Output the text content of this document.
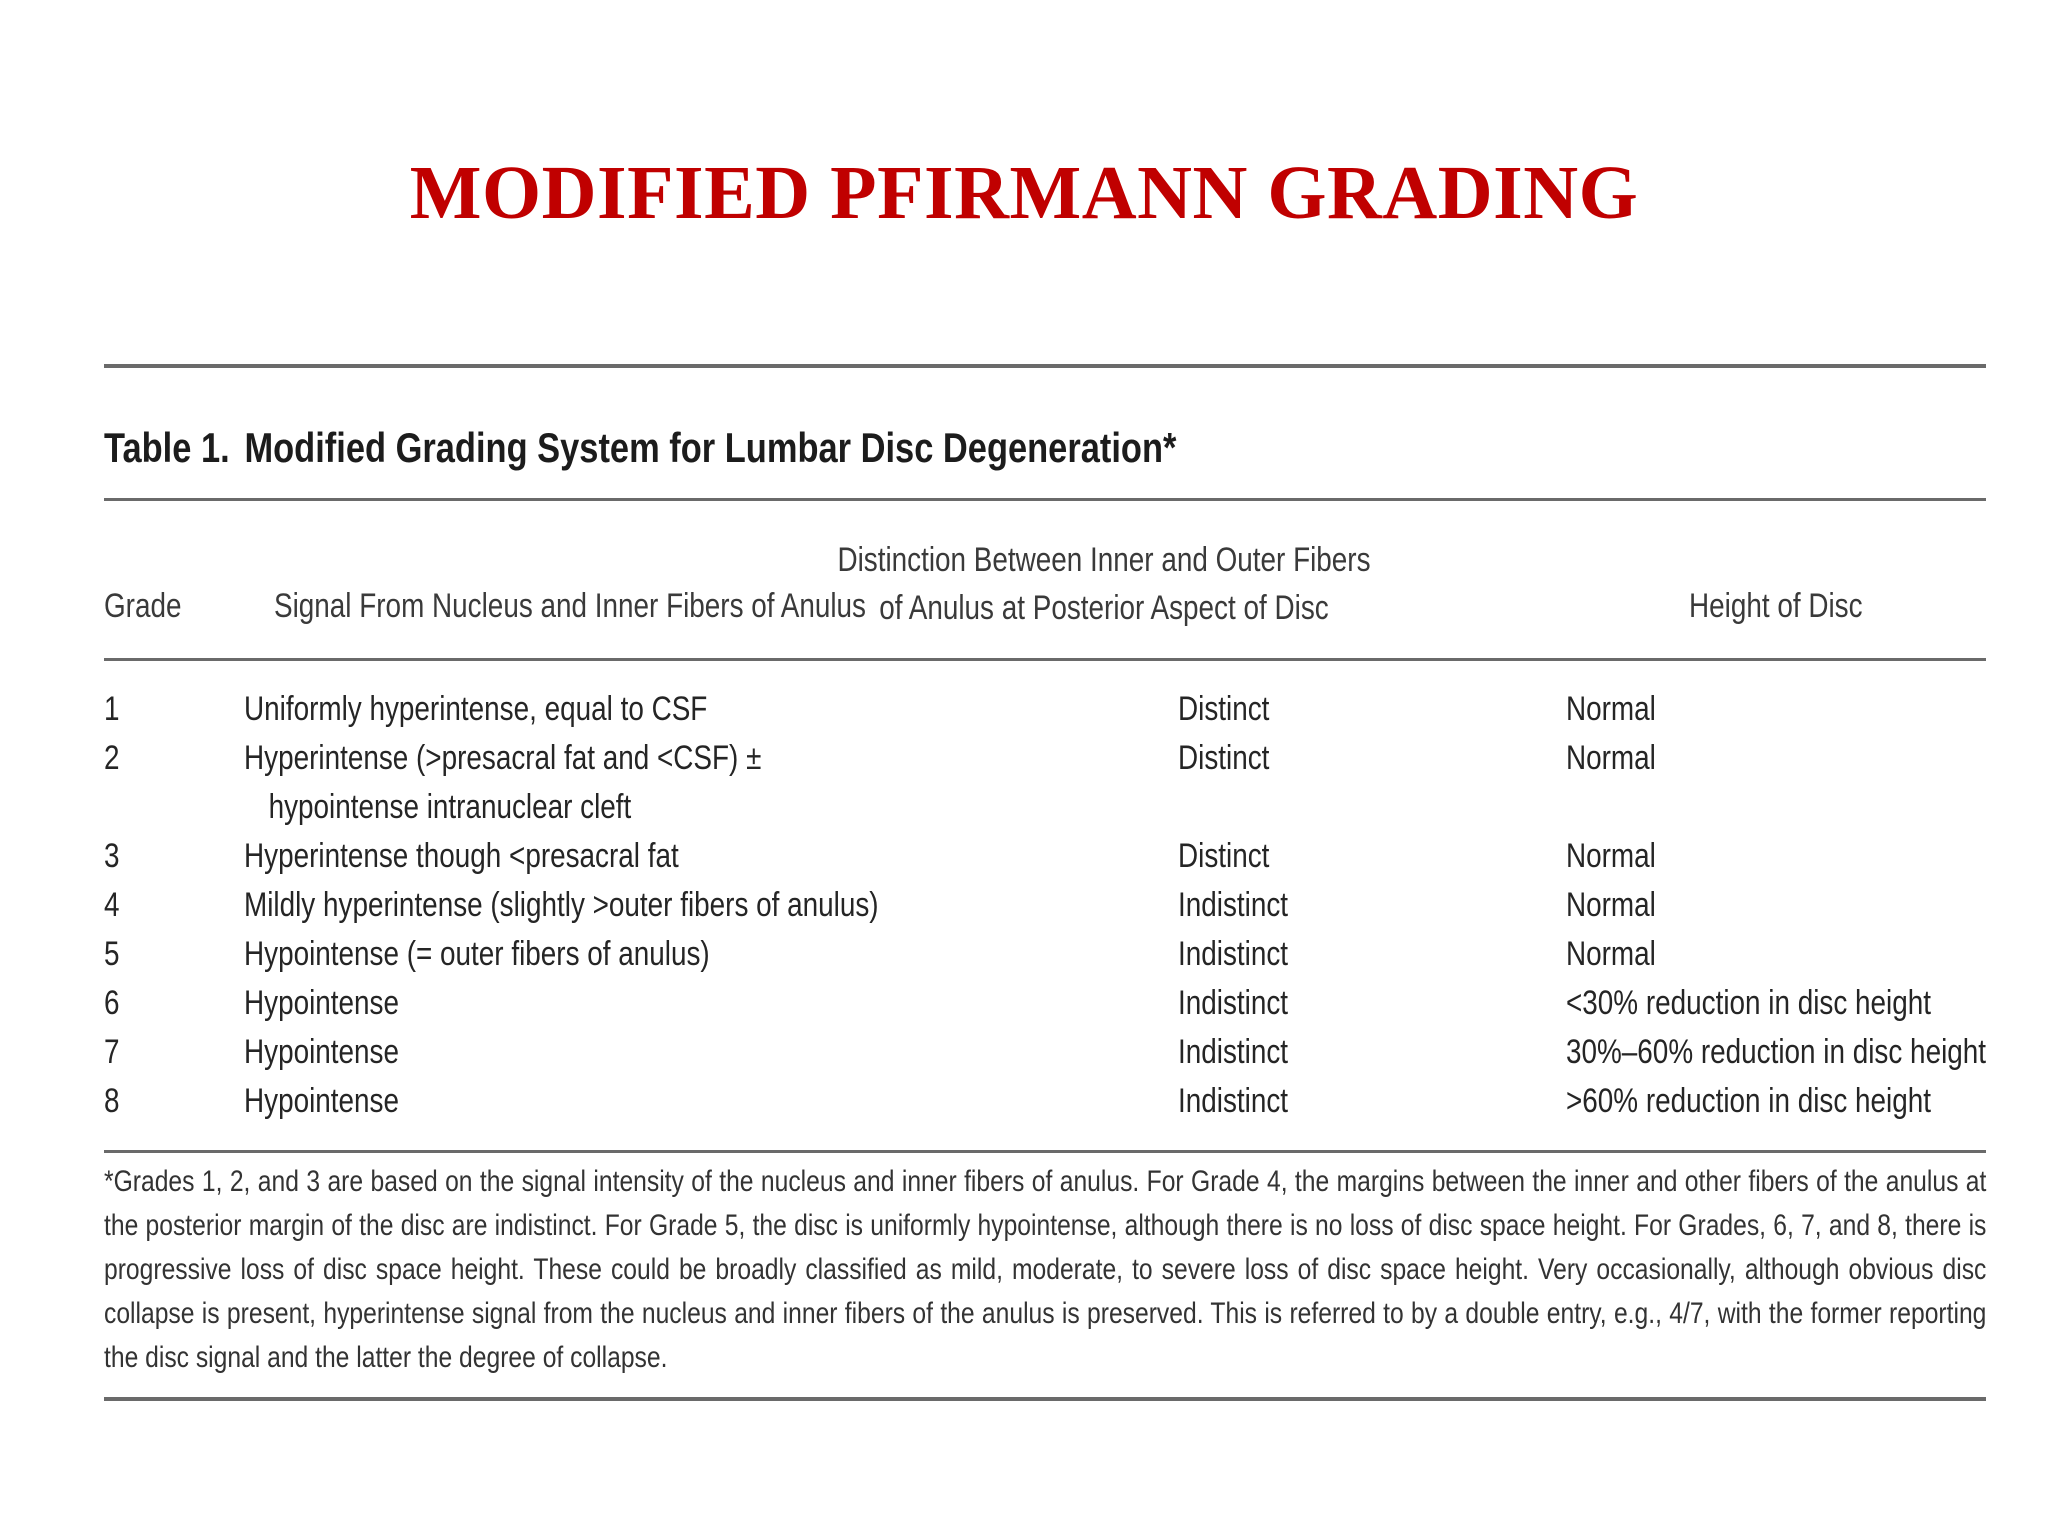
MODIFIED PFIRMANN GRADING
Table 1. Modified Grading System for Lumbar Disc Degeneration*
Grade	Signal From Nucleus and Inner Fibers of Anulus
Distinction Between Inner and Outer Fibers
of Anulus at Posterior Aspect of Disc	Height of Disc
1	Uniformly hyperintense, equal to CSF	Distinct	Normal
2	Hyperintense (>presacral fat and <CSF) ±
hypointense intranuclear cleft
Distinct	Normal
3	Hyperintense though <presacral fat	Distinct	Normal
4	Mildly hyperintense (slightly >outer fibers of anulus)	Indistinct	Normal
5	Hypointense (= outer fibers of anulus)	Indistinct	Normal
6	Hypointense	Indistinct	<30% reduction in disc height
7	Hypointense	Indistinct	30%–60% reduction in disc height
8	Hypointense	Indistinct	>60% reduction in disc height
*Grades 1, 2, and 3 are based on the signal intensity of the nucleus and inner fibers of anulus. For Grade 4, the margins between the inner and other fibers of the anulus at the posterior margin of the disc are indistinct. For Grade 5, the disc is uniformly hypointense, although there is no loss of disc space height. For Grades, 6, 7, and 8, there is progressive loss of disc space height. These could be broadly classified as mild, moderate, to severe loss of disc space height. Very occasionally, although obvious disc collapse is present, hyperintense signal from the nucleus and inner fibers of the anulus is preserved. This is referred to by a double entry, e.g., 4/7, with the former reporting the disc signal and the latter the degree of collapse.
